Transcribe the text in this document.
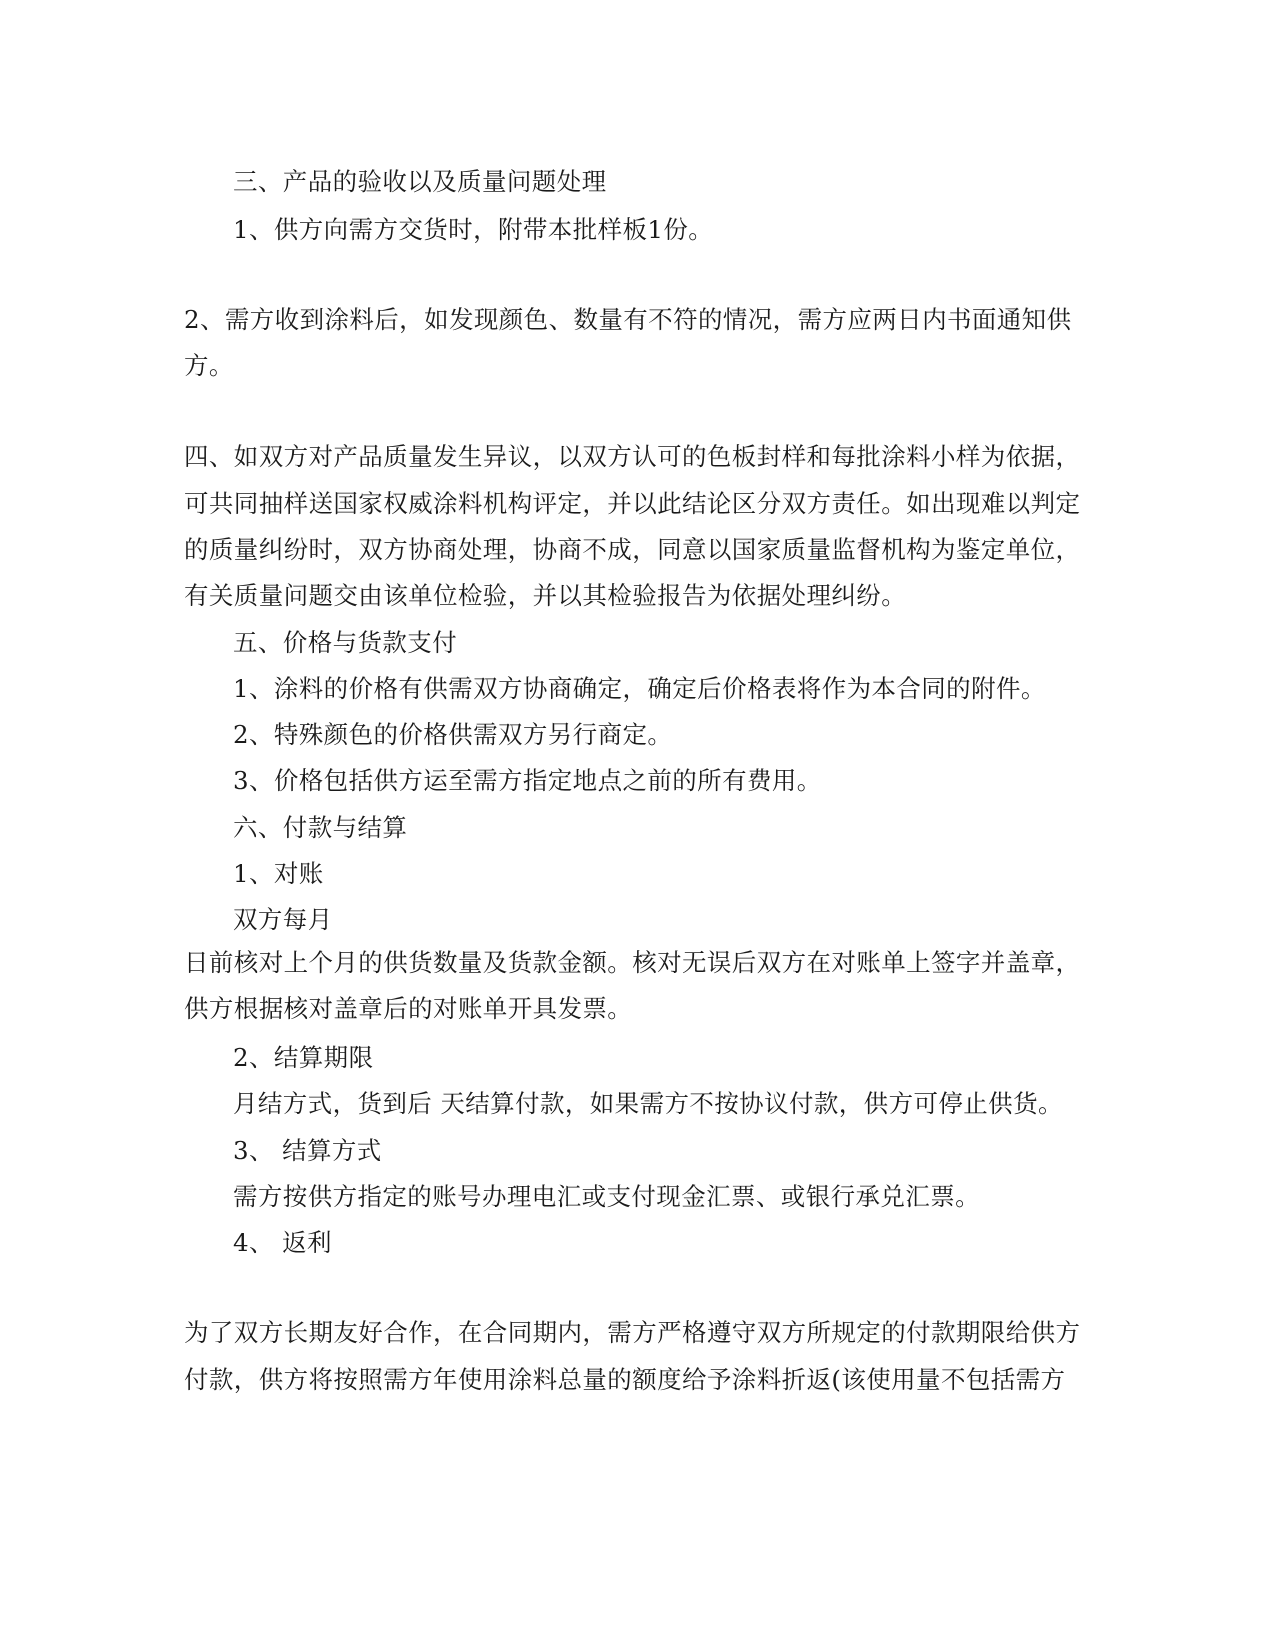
三、产品的验收以及质量问题处理
1、供方向需方交货时，附带本批样板1份。
2、需方收到涂料后，如发现颜色、数量有不符的情况，需方应两日内书面通知供
方。
四、如双方对产品质量发生异议，以双方认可的色板封样和每批涂料小样为依据，
可共同抽样送国家权威涂料机构评定，并以此结论区分双方责任。如出现难以判定
的质量纠纷时，双方协商处理，协商不成，同意以国家质量监督机构为鉴定单位，
有关质量问题交由该单位检验，并以其检验报告为依据处理纠纷。
五、价格与货款支付
1、涂料的价格有供需双方协商确定，确定后价格表将作为本合同的附件。
2、特殊颜色的价格供需双方另行商定。
3、价格包括供方运至需方指定地点之前的所有费用。
六、付款与结算
1、对账
双方每月
日前核对上个月的供货数量及货款金额。核对无误后双方在对账单上签字并盖章，
供方根据核对盖章后的对账单开具发票。
2、结算期限
月结方式，货到后 天结算付款，如果需方不按协议付款，供方可停止供货。
3、 结算方式
需方按供方指定的账号办理电汇或支付现金汇票、或银行承兑汇票。
4、 返利
为了双方长期友好合作，在合同期内，需方严格遵守双方所规定的付款期限给供方
付款，供方将按照需方年使用涂料总量的额度给予涂料折返(该使用量不包括需方
